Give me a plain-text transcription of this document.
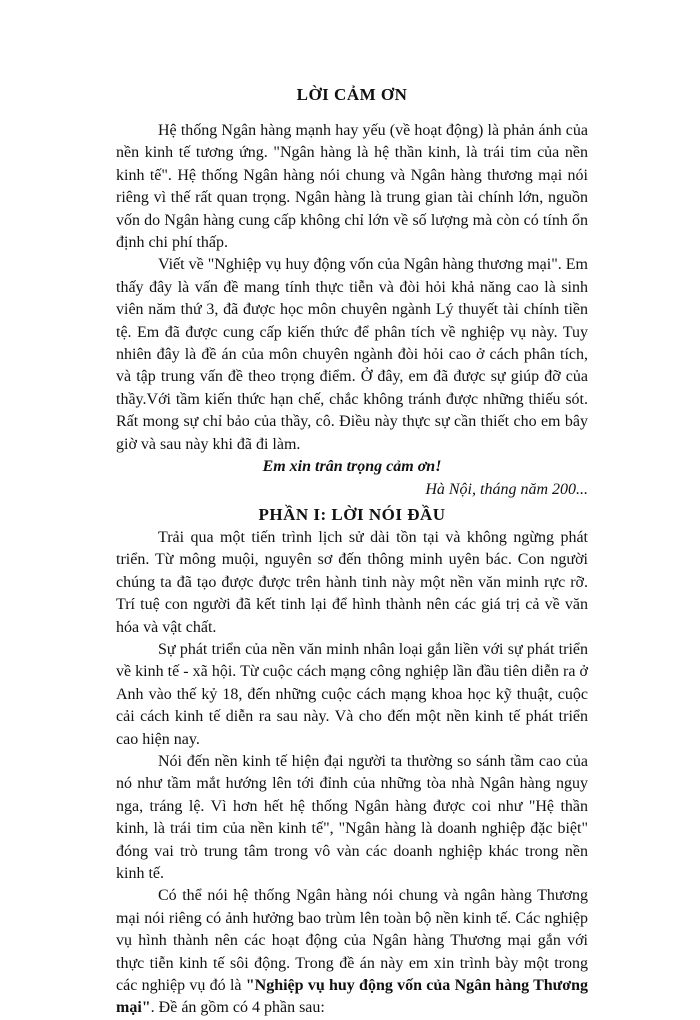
LỜI CẢM ƠN

Hệ thống Ngân hàng mạnh hay yếu (về hoạt động) là phản ánh của nền kinh tế tương ứng. "Ngân hàng là hệ thần kinh, là trái tim của nền kinh tế". Hệ thống Ngân hàng nói chung và Ngân hàng thương mại nói riêng vì thế rất quan trọng. Ngân hàng là trung gian tài chính lớn, nguồn vốn do Ngân hàng cung cấp không chỉ lớn về số lượng mà còn có tính ổn định chi phí thấp.

Viết về "Nghiệp vụ huy động vốn của Ngân hàng thương mại". Em thấy đây là vấn đề mang tính thực tiễn và đòi hỏi khả năng cao là sinh viên năm thứ 3, đã được học môn chuyên ngành Lý thuyết tài chính tiền tệ. Em đã được cung cấp kiến thức để phân tích về nghiệp vụ này. Tuy nhiên đây là đề án của môn chuyên ngành đòi hỏi cao ở cách phân tích, và tập trung vấn đề theo trọng điểm. Ở đây, em đã được sự giúp đỡ của thầy.Với tầm kiến thức hạn chế, chắc không tránh được những thiếu sót. Rất mong sự chỉ bảo của thầy, cô. Điều này thực sự cần thiết cho em bây giờ và sau này khi đã đi làm.

Em xin trân trọng cảm ơn!
Hà Nội, tháng năm 200...
PHẦN I: LỜI NÓI ĐẦU

Trải qua một tiến trình lịch sử dài tồn tại và không ngừng phát triển. Từ mông muội, nguyên sơ đến thông minh uyên bác. Con người chúng ta đã tạo được được trên hành tinh này một nền văn minh rực rỡ. Trí tuệ con người đã kết tinh lại để hình thành nên các giá trị cả về văn hóa và vật chất.

Sự phát triển của nền văn minh nhân loại gắn liền với sự phát triển về kinh tế - xã hội. Từ cuộc cách mạng công nghiệp lần đầu tiên diễn ra ở Anh vào thế kỷ 18, đến những cuộc cách mạng khoa học kỹ thuật, cuộc cải cách kinh tế diễn ra sau này. Và cho đến một nền kinh tế phát triển cao hiện nay.

Nói đến nền kinh tế hiện đại người ta thường so sánh tầm cao của nó như tầm mắt hướng lên tới đỉnh của những tòa nhà Ngân hàng nguy nga, tráng lệ. Vì hơn hết hệ thống Ngân hàng được coi như "Hệ thần kinh, là trái tim của nền kinh tế", "Ngân hàng là doanh nghiệp đặc biệt" đóng vai trò trung tâm trong vô vàn các doanh nghiệp khác trong nền kinh tế.

Có thể nói hệ thống Ngân hàng nói chung và ngân hàng Thương mại nói riêng có ảnh hưởng bao trùm lên toàn bộ nền kinh tế. Các nghiệp vụ hình thành nên các hoạt động của Ngân hàng Thương mại gắn với thực tiễn kinh tế sôi động. Trong đề án này em xin trình bày một trong các nghiệp vụ đó là "Nghiệp vụ huy động vốn của Ngân hàng Thương mại". Đề án gồm có 4 phần sau:
